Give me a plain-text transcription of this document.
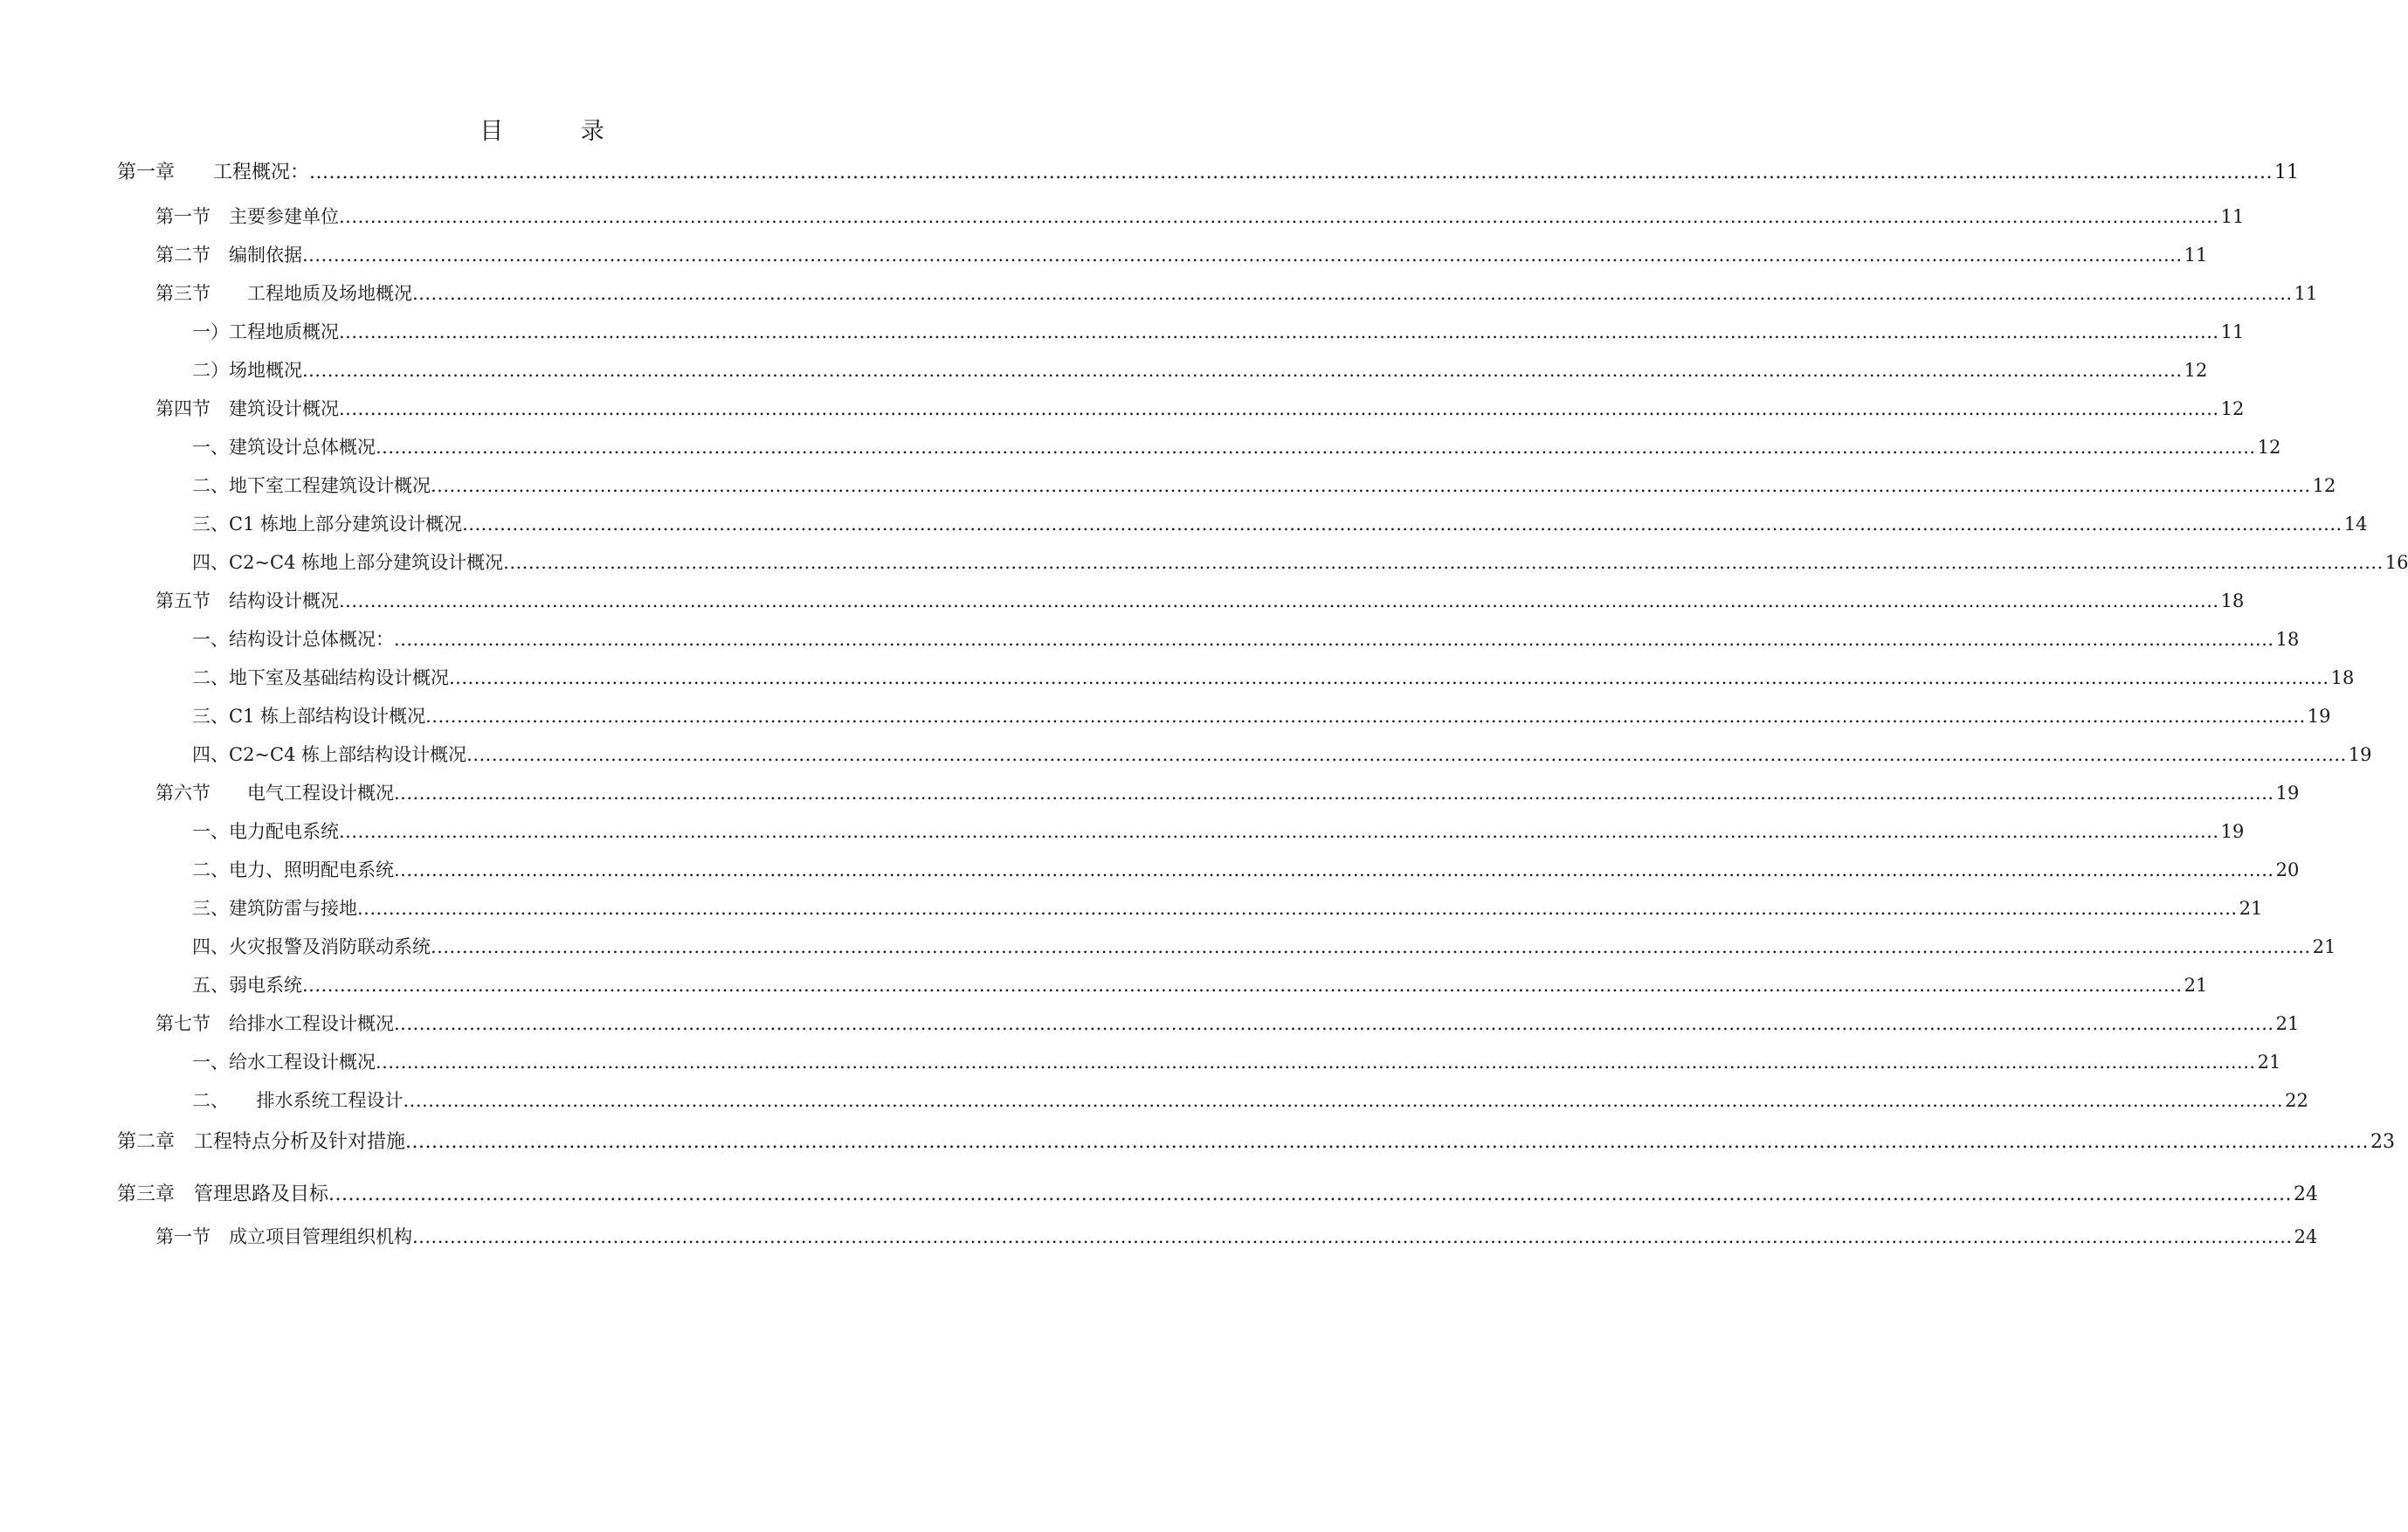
目 录
第一章　　工程概况： ............................................................................................................................................................................................................................................................................................................ 11
第一节　主要参建单位 ............................................................................................................................................................................................................................................................................................................ 11
第二节　编制依据 ............................................................................................................................................................................................................................................................................................................ 11
第三节　　工程地质及场地概况 ............................................................................................................................................................................................................................................................................................................ 11
一）工程地质概况 ............................................................................................................................................................................................................................................................................................................ 11
二）场地概况 ............................................................................................................................................................................................................................................................................................................ 12
第四节　建筑设计概况 ............................................................................................................................................................................................................................................................................................................ 12
一、建筑设计总体概况 ............................................................................................................................................................................................................................................................................................................ 12
二、地下室工程建筑设计概况 ............................................................................................................................................................................................................................................................................................................ 12
三、C1 栋地上部分建筑设计概况 ............................................................................................................................................................................................................................................................................................................ 14
四、C2~C4 栋地上部分建筑设计概况 ............................................................................................................................................................................................................................................................................................................ 16
第五节　结构设计概况 ............................................................................................................................................................................................................................................................................................................ 18
一、结构设计总体概况： ............................................................................................................................................................................................................................................................................................................ 18
二、地下室及基础结构设计概况 ............................................................................................................................................................................................................................................................................................................ 18
三、C1 栋上部结构设计概况 ............................................................................................................................................................................................................................................................................................................ 19
四、C2~C4 栋上部结构设计概况 ............................................................................................................................................................................................................................................................................................................ 19
第六节　　电气工程设计概况 ............................................................................................................................................................................................................................................................................................................ 19
一、电力配电系统 ............................................................................................................................................................................................................................................................................................................ 19
二、电力、照明配电系统 ............................................................................................................................................................................................................................................................................................................ 20
三、建筑防雷与接地 ............................................................................................................................................................................................................................................................................................................ 21
四、火灾报警及消防联动系统 ............................................................................................................................................................................................................................................................................................................ 21
五、弱电系统 ............................................................................................................................................................................................................................................................................................................ 21
第七节　给排水工程设计概况 ............................................................................................................................................................................................................................................................................................................ 21
一、给水工程设计概况 ............................................................................................................................................................................................................................................................................................................ 21
二、　　排水系统工程设计 ............................................................................................................................................................................................................................................................................................................ 22
第二章　工程特点分析及针对措施 ............................................................................................................................................................................................................................................................................................................ 23
第三章　管理思路及目标 ............................................................................................................................................................................................................................................................................................................ 24
第一节　成立项目管理组织机构 ............................................................................................................................................................................................................................................................................................................ 24
